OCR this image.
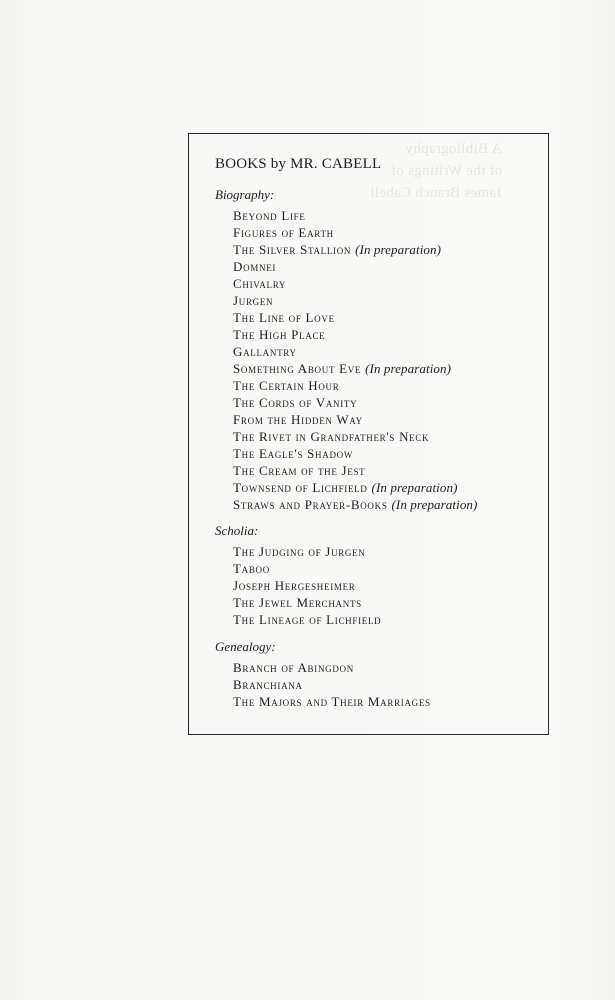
A Bibliography
of the Writings of
James Branch Cabell
BOOKS by MR. CABELL
Biography:
Beyond Life
Figures of Earth
The Silver Stallion (In preparation)
Domnei
Chivalry
Jurgen
The Line of Love
The High Place
Gallantry
Something About Eve (In preparation)
The Certain Hour
The Cords of Vanity
From the Hidden Way
The Rivet in Grandfather's Neck
The Eagle's Shadow
The Cream of the Jest
Townsend of Lichfield (In preparation)
Straws and Prayer-Books (In preparation)
Scholia:
The Judging of Jurgen
Taboo
Joseph Hergesheimer
The Jewel Merchants
The Lineage of Lichfield
Genealogy:
Branch of Abingdon
Branchiana
The Majors and Their Marriages
